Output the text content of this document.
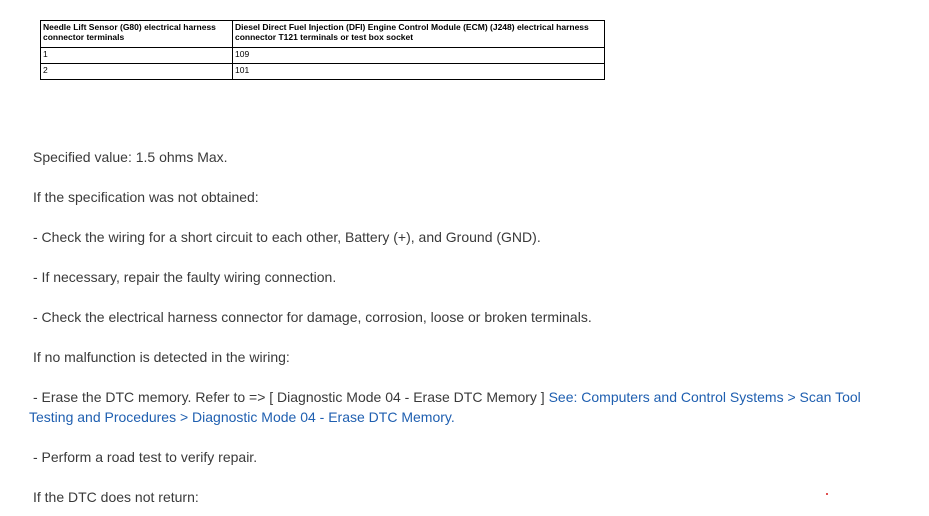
Needle Lift Sensor (G80) electrical harness connector terminals	Diesel Direct Fuel Injection (DFI) Engine Control Module (ECM) (J248) electrical harness connector T121 terminals or test box socket
1	109
2	101
Specified value: 1.5 ohms Max.
If the specification was not obtained:
- Check the wiring for a short circuit to each other, Battery (+), and Ground (GND).
- If necessary, repair the faulty wiring connection.
- Check the electrical harness connector for damage, corrosion, loose or broken terminals.
If no malfunction is detected in the wiring:
- Erase the DTC memory. Refer to => [ Diagnostic Mode 04 - Erase DTC Memory ] See: Computers and Control Systems > Scan Tool Testing and Procedures > Diagnostic Mode 04 - Erase DTC Memory.
- Perform a road test to verify repair.
If the DTC does not return:
